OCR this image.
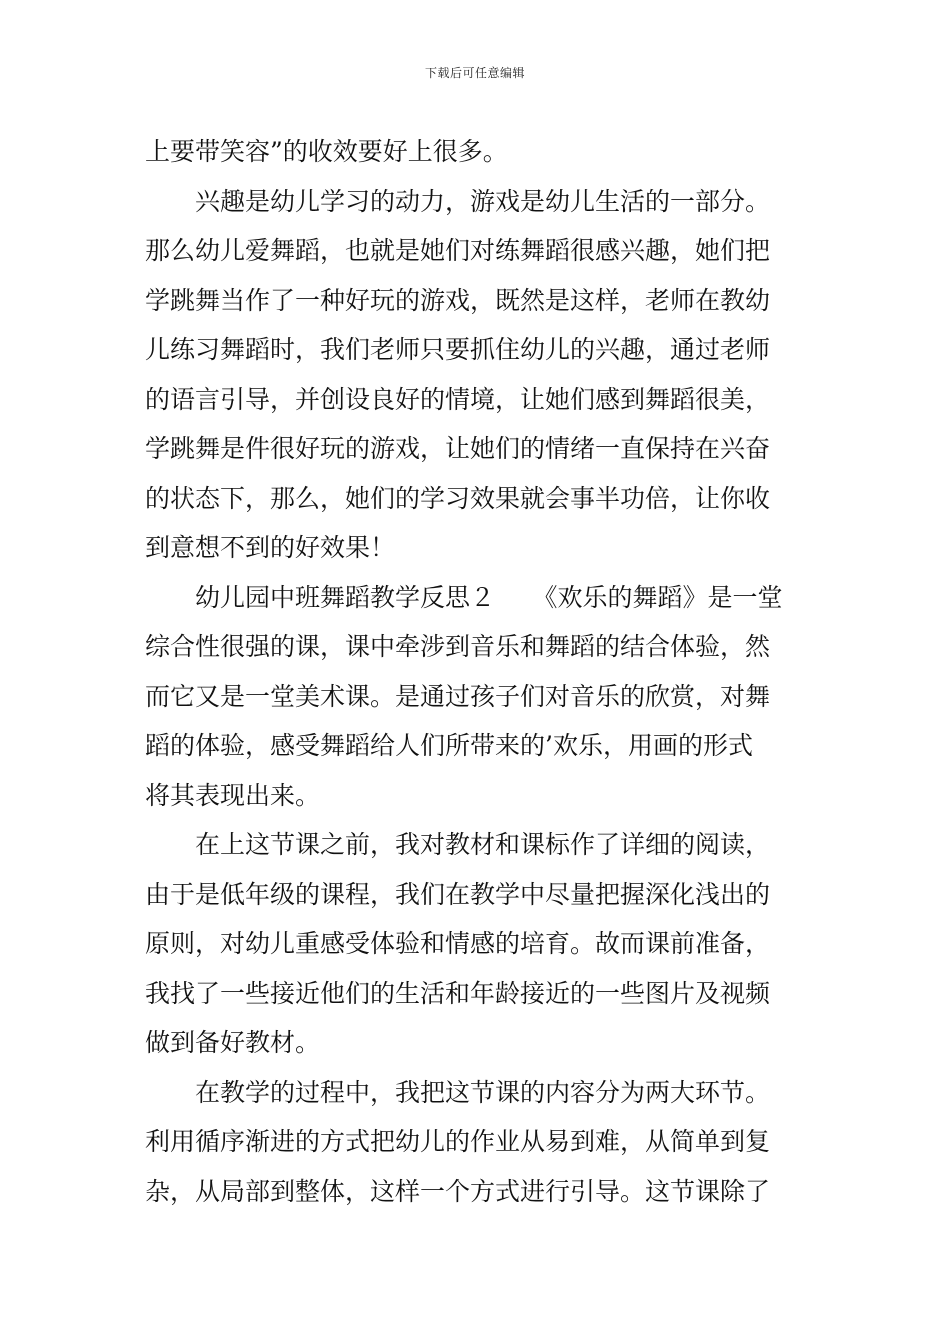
下载后可任意编辑
上要带笑容”的收效要好上很多。
兴趣是幼儿学习的动力，游戏是幼儿生活的一部分。
那么幼儿爱舞蹈，也就是她们对练舞蹈很感兴趣，她们把
学跳舞当作了一种好玩的游戏，既然是这样，老师在教幼
儿练习舞蹈时，我们老师只要抓住幼儿的兴趣，通过老师
的语言引导，并创设良好的情境，让她们感到舞蹈很美，
学跳舞是件很好玩的游戏，让她们的情绪一直保持在兴奋
的状态下，那么，她们的学习效果就会事半功倍，让你收
到意想不到的好效果！
幼儿园中班舞蹈教学反思２　　《欢乐的舞蹈》是一堂
综合性很强的课，课中牵涉到音乐和舞蹈的结合体验，然
而它又是一堂美术课。是通过孩子们对音乐的欣赏，对舞
蹈的体验，感受舞蹈给人们所带来的’欢乐，用画的形式
将其表现出来。
在上这节课之前，我对教材和课标作了详细的阅读，
由于是低年级的课程，我们在教学中尽量把握深化浅出的
原则，对幼儿重感受体验和情感的培育。故而课前准备，
我找了一些接近他们的生活和年龄接近的一些图片及视频
做到备好教材。
在教学的过程中，我把这节课的内容分为两大环节。
利用循序渐进的方式把幼儿的作业从易到难，从简单到复
杂，从局部到整体，这样一个方式进行引导。这节课除了
